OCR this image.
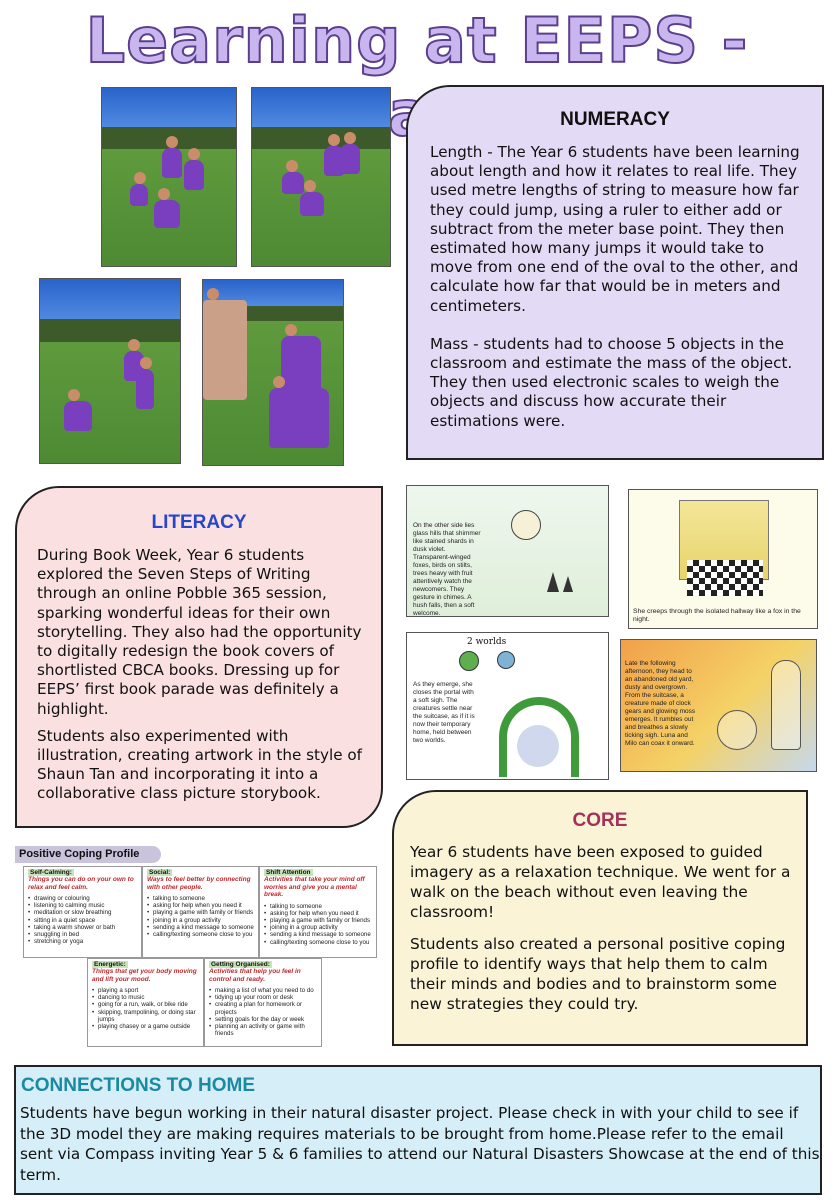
Learning at EEPS -
NUMERACY

Length - The Year 6 students have been learning about length and how it relates to real life. They used metre lengths of string to measure how far they could jump, using a ruler to either add or subtract from the meter base point. They then estimated how many jumps it would take to move from one end of the oval to the other, and calculate how far that would be in meters and centimeters.

Mass - students had to choose 5 objects in the classroom and estimate the mass of the object. They then used electronic scales to weigh the objects and discuss how accurate their estimations were.

LITERACY

During Book Week, Year 6 students explored the Seven Steps of Writing through an online Pobble 365 session, sparking wonderful ideas for their own storytelling. They also had the opportunity to digitally redesign the book covers of shortlisted CBCA books. Dressing up for EEPS’ first book parade was definitely a highlight.

Students also experimented with illustration, creating artwork in the style of Shaun Tan and incorporating it into a collaborative class picture storybook.

On the other side lies glass hills that shimmer like stained shards in dusk violet. Transparent-winged foxes, birds on stilts, trees heavy with fruit attentively watch the newcomers. They gesture in chimes. A hush falls, then a soft welcome.	She creeps through the isolated hallway like a fox in the night.
2 worlds
As they emerge, she closes the portal with a soft sigh. The creatures settle near the suitcase, as if it is now their temporary home, held between two worlds.
Late the following afternoon, they head to an abandoned old yard, dusty and overgrown. From the suitcase, a creature made of clock gears and glowing moss emerges. It rumbles out and breathes a slowly ticking sigh. Luna and Milo can coax it onward.
Positive Coping Profile
Self-Calming:
Things you can do on your own to relax and feel calm.
• drawing or colouring
• listening to calming music
• meditation or slow breathing
• sitting in a quiet space
• taking a warm shower or bath
• snuggling in bed
• stretching or yoga
Social:
Ways to feel better by connecting with other people.
• talking to someone
• asking for help when you need it
• playing a game with family or friends
• joining in a group activity
• sending a kind message to someone
• calling/texting someone close to you
Shift Attention
Activities that take your mind off worries and give you a mental break.
• talking to someone
• asking for help when you need it
• playing a game with family or friends
• joining in a group activity
• sending a kind message to someone
• calling/texting someone close to you
Energetic:
Things that get your body moving and lift your mood.
• playing a sport
• dancing to music
• going for a run, walk, or bike ride
• skipping, trampolining, or doing star jumps
• playing chasey or a game outside
Getting Organised:
Activities that help you feel in control and ready.
• making a list of what you need to do
• tidying up your room or desk
• creating a plan for homework or projects
• setting goals for the day or week
• planning an activity or game with friends
CORE

Year 6 students have been exposed to guided imagery as a relaxation technique. We went for a walk on the beach without even leaving the classroom!

Students also created a personal positive coping profile to identify ways that help them to calm their minds and bodies and to brainstorm some new strategies they could try.

CONNECTIONS TO HOME

Students have begun working in their natural disaster project. Please check in with your child to see if the 3D model they are making requires materials to be brought from home.Please refer to the email sent via Compass inviting Year 5 & 6 families to attend our Natural Disasters Showcase at the end of this term.
